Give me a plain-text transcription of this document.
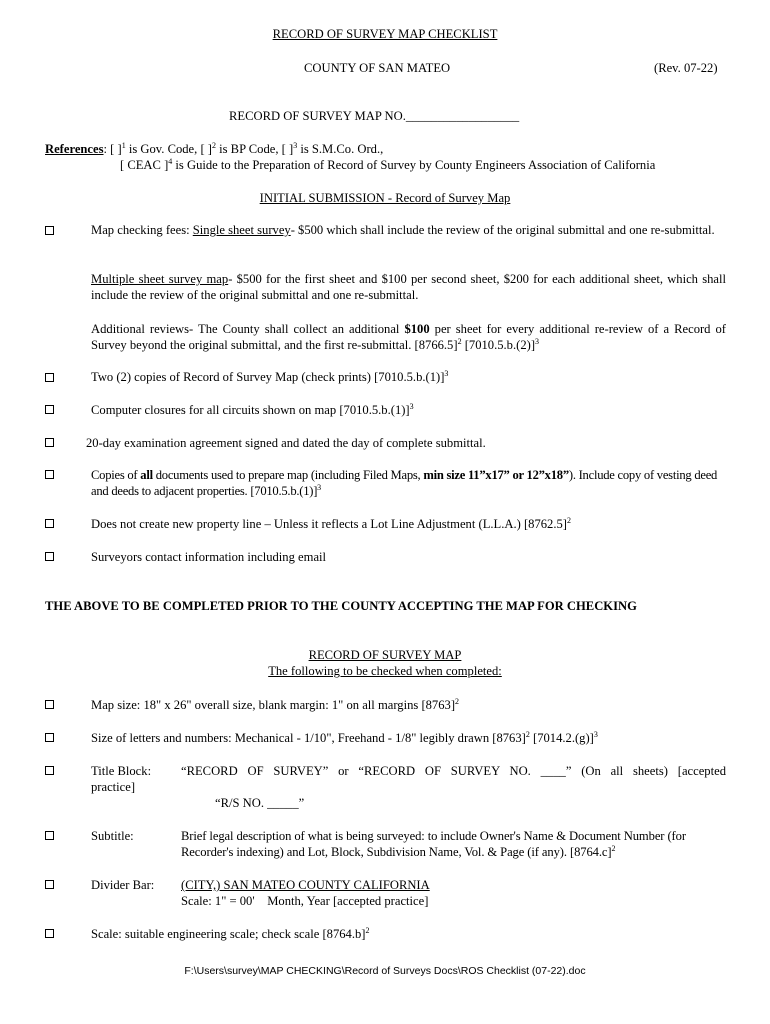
RECORD OF SURVEY MAP CHECKLIST
COUNTY OF SAN MATEO	(Rev. 07-22)
RECORD OF SURVEY MAP NO.__________________
References: [ ]$^1$ is Gov. Code, [ ]$^2$ is BP Code, [ ]$^3$ is S.M.Co. Ord.,
[ CEAC ]$^4$ is Guide to the Preparation of Record of Survey by County Engineers Association of California
INITIAL SUBMISSION - Record of Survey Map
Map checking fees: Single sheet survey- $500 which shall include the review of the original submittal and one re-submittal.
Multiple sheet survey map- $500 for the first sheet and $100 per second sheet, $200 for each additional sheet, which shall include the review of the original submittal and one re-submittal.
Additional reviews- The County shall collect an additional $100 per sheet for every additional re-review of a Record of Survey beyond the original submittal, and the first re-submittal. $[8766.5]^2$ $[7010.5.b.(2)]^3$
Two (2) copies of Record of Survey Map (check prints) $[7010.5.b.(1)]^3$
Computer closures for all circuits shown on map $[7010.5.b.(1)]^3$
20-day examination agreement signed and dated the day of complete submittal.
Copies of all documents used to prepare map (including Filed Maps, min size 11”x17” or 12”x18”). Include copy of vesting deed and deeds to adjacent properties. $[7010.5.b.(1)]^3$
Does not create new property line – Unless it reflects a Lot Line Adjustment (L.L.A.) $[8762.5]^2$
Surveyors contact information including email
THE ABOVE TO BE COMPLETED PRIOR TO THE COUNTY ACCEPTING THE MAP FOR CHECKING
RECORD OF SURVEY MAP
The following to be checked when completed:
Map size: 18" x 26" overall size, blank margin: 1" on all margins $[8763]^2$
Size of letters and numbers: Mechanical - 1/10", Freehand - 1/8" legibly drawn $[8763]^2$ $[7014.2.(g)]^3$
Title Block: “RECORD OF SURVEY” or “RECORD OF SURVEY NO. ____” (On all sheets) [accepted
practice]
“R/S NO. _____”
Subtitle:	Brief legal description of what is being surveyed: to include Owner's Name & Document Number (for Recorder's indexing) and Lot, Block, Subdivision Name, Vol. & Page (if any). $[8764.c]^2$
Divider Bar: (CITY,) SAN MATEO COUNTY CALIFORNIA
Scale: 1" = 00'    Month, Year [accepted practice]
Scale: suitable engineering scale; check scale $[8764.b]^2$
F:\Users\survey\MAP CHECKING\Record of Surveys Docs\ROS Checklist (07-22).doc
